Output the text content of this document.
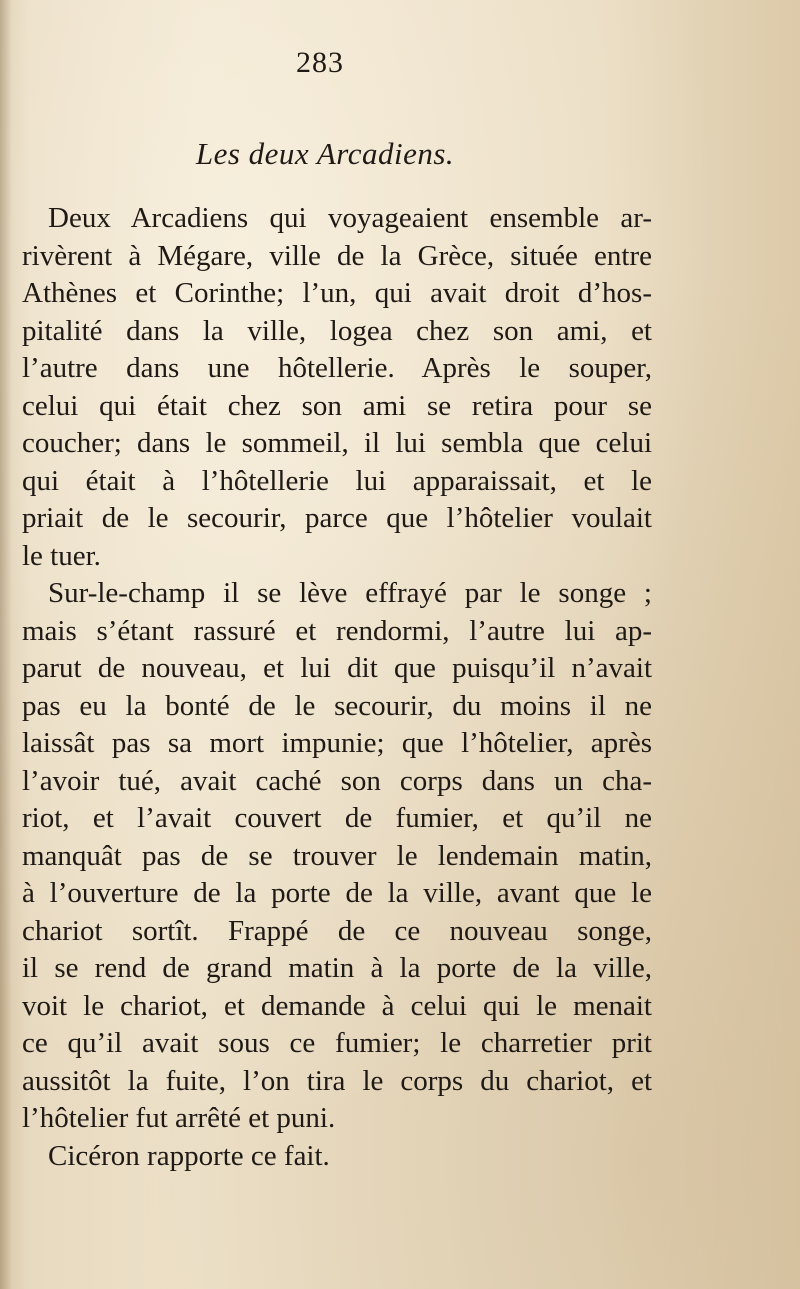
283
Les deux Arcadiens.

Deux Arcadiens qui voyageaient ensemble ar-
rivèrent à Mégare, ville de la Grèce, située entre
Athènes et Corinthe; l’un, qui avait droit d’hos-
pitalité dans la ville, logea chez son ami, et
l’autre dans une hôtellerie. Après le souper,
celui qui était chez son ami se retira pour se
coucher; dans le sommeil, il lui sembla que celui
qui était à l’hôtellerie lui apparaissait, et le
priait de le secourir, parce que l’hôtelier voulait
le tuer.

Sur-le-champ il se lève effrayé par le songe ;
mais s’étant rassuré et rendormi, l’autre lui ap-
parut de nouveau, et lui dit que puisqu’il n’avait
pas eu la bonté de le secourir, du moins il ne
laissât pas sa mort impunie; que l’hôtelier, après
l’avoir tué, avait caché son corps dans un cha-
riot, et l’avait couvert de fumier, et qu’il ne
manquât pas de se trouver le lendemain matin,
à l’ouverture de la porte de la ville, avant que le
chariot sortît. Frappé de ce nouveau songe,
il se rend de grand matin à la porte de la ville,
voit le chariot, et demande à celui qui le menait
ce qu’il avait sous ce fumier; le charretier prit
aussitôt la fuite, l’on tira le corps du chariot, et
l’hôtelier fut arrêté et puni.

Cicéron rapporte ce fait.
